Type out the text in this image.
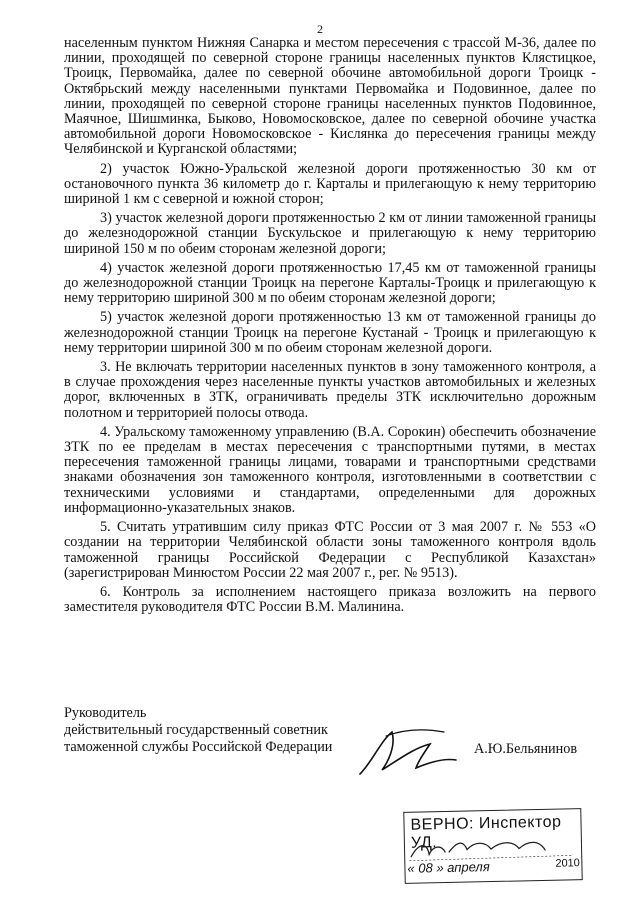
2

населенным пунктом Нижняя Санарка и местом пересечения с трассой М-36, далее по линии, проходящей по северной стороне границы населенных пунктов Клястицкое, Троицк, Первомайка, далее по северной обочине автомобильной дороги Троицк - Октябрьский между населенными пунктами Первомайка и Подовинное, далее по линии, проходящей по северной стороне границы населенных пунктов Подовинное, Маячное, Шишминка, Быково, Новомосковское, далее по северной обочине участка автомобильной дороги Новомосковское - Кислянка до пересечения границы между Челябинской и Курганской областями;

2) участок Южно-Уральской железной дороги протяженностью 30 км от остановочного пункта 36 километр до г. Карталы и прилегающую к нему территорию шириной 1 км с северной и южной сторон;

3) участок железной дороги протяженностью 2 км от линии таможенной границы до железнодорожной станции Бускульское и прилегающую к нему территорию шириной 150 м по обеим сторонам железной дороги;

4) участок железной дороги протяженностью 17,45 км от таможенной границы до железнодорожной станции Троицк на перегоне Карталы-Троицк и прилегающую к нему территорию шириной 300 м по обеим сторонам железной дороги;

5) участок железной дороги протяженностью 13 км от таможенной границы до железнодорожной станции Троицк на перегоне Кустанай - Троицк и прилегающую к нему территории шириной 300 м по обеим сторонам железной дороги.

3. Не включать территории населенных пунктов в зону таможенного контроля, а в случае прохождения через населенные пункты участков автомобильных и железных дорог, включенных в ЗТК, ограничивать пределы ЗТК исключительно дорожным полотном и территорией полосы отвода.

4. Уральскому таможенному управлению (В.А. Сорокин) обеспечить обозначение ЗТК по ее пределам в местах пересечения с транспортными путями, в местах пересечения таможенной границы лицами, товарами и транспортными средствами знаками обозначения зон таможенного контроля, изготовленными в соответствии с техническими условиями и стандартами, определенными для дорожных информационно-указательных знаков.

5. Считать утратившим силу приказ ФТС России от 3 мая 2007 г. № 553 «О создании на территории Челябинской области зоны таможенного контроля вдоль таможенной границы Российской Федерации с Республикой Казахстан» (зарегистрирован Минюстом России 22 мая 2007 г., рег. № 9513).

6. Контроль за исполнением настоящего приказа возложить на первого заместителя руководителя ФТС России В.М. Малинина.

Руководитель
действительный государственный советник
таможенной службы Российской Федерации	А.Ю.Бельянинов
ВЕРНО: Инспектор УД.
« 08 » апреля	2010
